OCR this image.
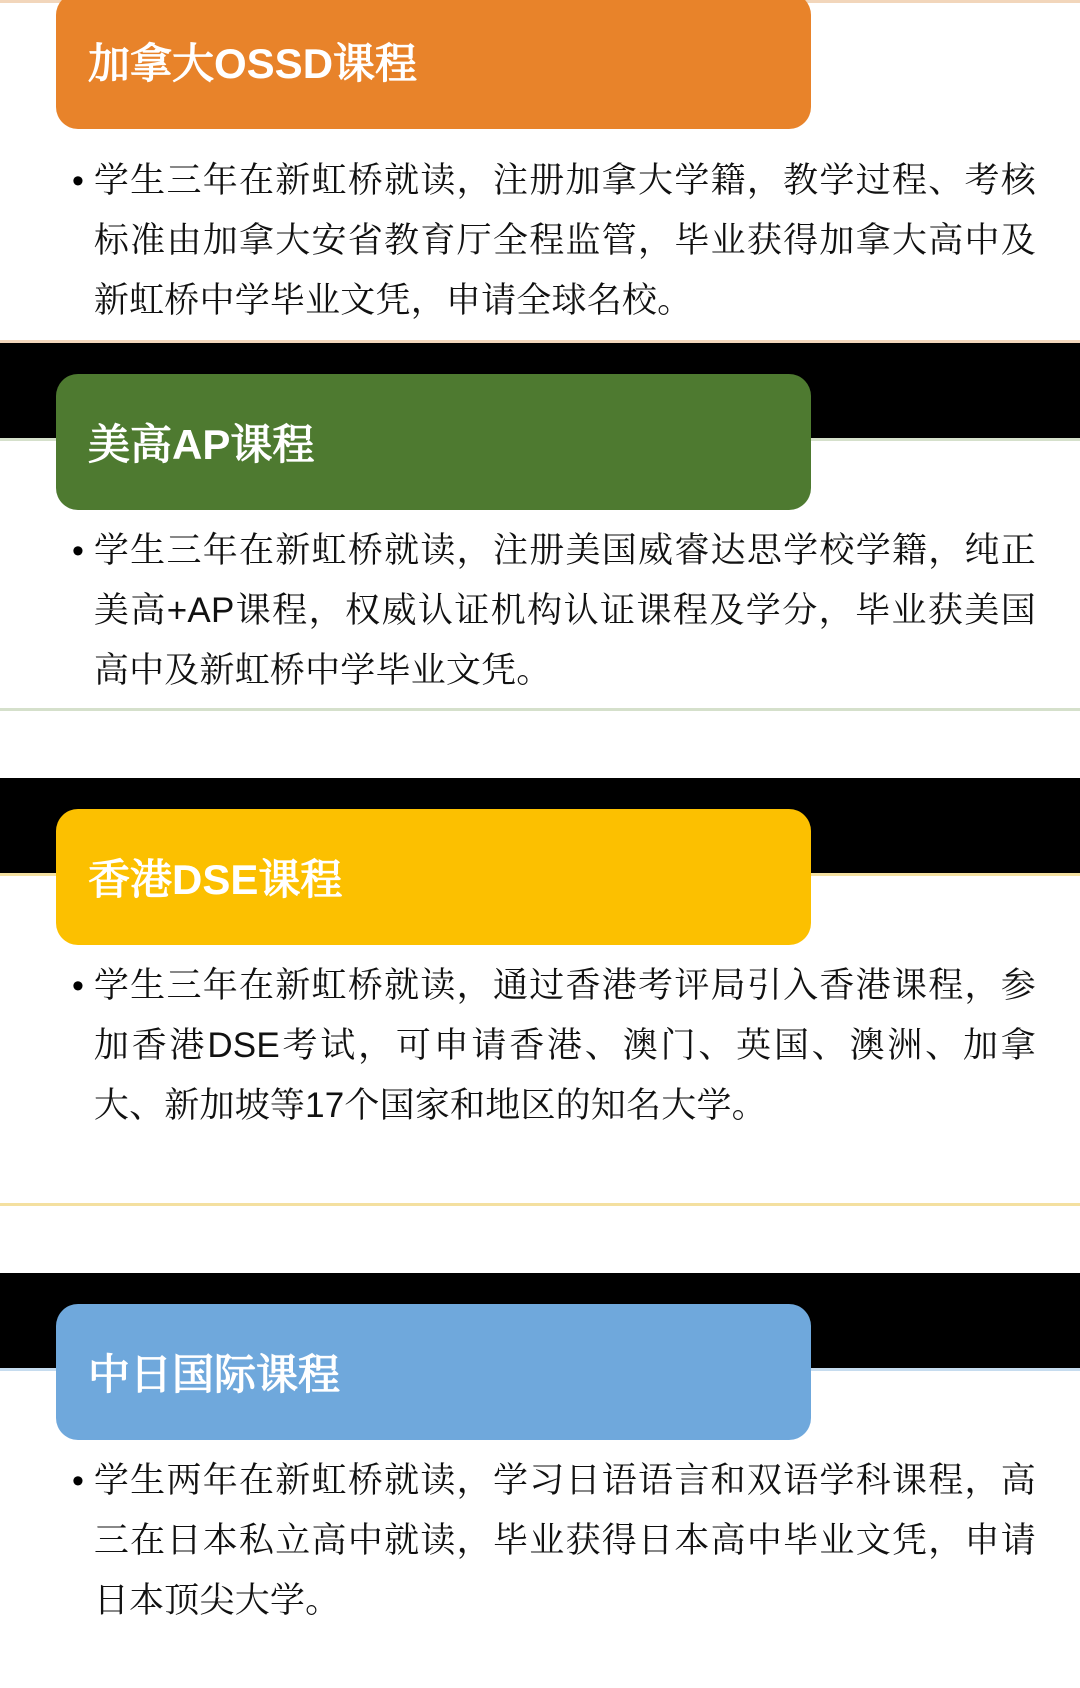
加拿大OSSD课程
• 学生三年在新虹桥就读，注册加拿大学籍，教学过程、考核标准由加拿大安省教育厅全程监管，毕业获得加拿大高中及新虹桥中学毕业文凭，申请全球名校。
美高AP课程
• 学生三年在新虹桥就读，注册美国威睿达思学校学籍，纯正美高+AP课程，权威认证机构认证课程及学分，毕业获美国高中及新虹桥中学毕业文凭。
香港DSE课程
• 学生三年在新虹桥就读，通过香港考评局引入香港课程，参加香港DSE考试，可申请香港、澳门、英国、澳洲、加拿大、新加坡等17个国家和地区的知名大学。
中日国际课程
• 学生两年在新虹桥就读，学习日语语言和双语学科课程，高三在日本私立高中就读，毕业获得日本高中毕业文凭，申请日本顶尖大学。
